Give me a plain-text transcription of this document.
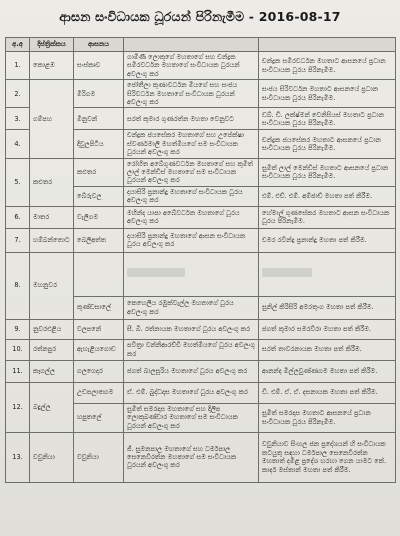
ආසන සංවිධායක ධූරයන් පිරිනැමීම - 2016-08-17
අ.අ	දිස්ත්‍රික්කය	ආසනය		
1.	කොළඹ	සංස්කෘව	ගාමිණී ලොකුගේ මහතාගේ සහ චන්ද්‍රක සමීරවර්ධන මහතාගේ සංවිධායක ධූරයන් අවලංගු කර	චන්ද්‍රක සමීරවර්ධන මහතාට ආසනයේ ප්‍රධාන සංවිධායක ධූරය පිරිනැමීම.
2.	ගම්පහ	මීරිගම	ජෝතීලා කුණාවර්ධන මියගේ සහ සංජය සිරිවර්ධන මහතාගේ සංවිධායක ධූරයන් අවලංගු කර	සංජය සිරිවර්ධන මහතාට ආසනයේ ප්‍රධාන සංවිධායක ධූරය පිරිනැමීම.
3.		මිනුවන්	සරත් කුමාර ගුණරත්න මහතා වෙනුවට	ඩබ්. ඩී. ලක්ෂ්මන් වෙනිසියස් මහතාට ප්‍රධාන සංවිධායක ධූරය පිරිනැමීම.
4.		දිවුලපිටිය	චන්ද්‍රක ජයසේකර මහතාගේ සහ උපේක්ෂා ස්වර්ණමාලි මහත්මියගේ සම සංවිධායක ධූරයන් අවලංගු කර	චන්ද්‍රක ජයසේකර මහතාට ආසනයේ ප්‍රධාන සංවිධායක ධූරය පිරිනැමීම.
5.	කළුතර	කළුතර	රෝහිත අබේගුණවර්ධන මහතාගේ සහ කුමිත් ලාල් මෙන්ඩිස් මහතාගේ සම සංවිධායක ධූරයන් අවලංගු කර	සුමිත් ලාල් මෙන්ඩිස් මහතාට ආසනයේ ප්‍රධාන සංවිධායක ධූරය පිරිනැමීම.
		බේරුවල	දයාසිරි ප්‍රනාන්දු මහතාගේ සංවිධායක ධූරය අවලංගු කර	එම්. එච්. එම්. අම්ජාඩ් මහතා පත් කිරීම.
6.	මාතර	වැලිගම	මහින්ද යාපා අබේවර්ධන මහතාගේ ධූරය අවලංගු කර	හේමාල් ගුණසේකර මහතාට ආසන සංවිධායක ධූරය පිරිනැමීම.
7.	හම්බන්තොට	බෙලිඅත්ත	දයාසිරි ප්‍රනාන්දු මහතාගේ ආසන සංවිධායක ධූරය අවලංගු කර	චමර රවීන්ද්‍ර ප්‍රනාන්දු මහතා පත් කිරීම.
8.	මහනුවර			
		කුණ්ඩසාලේ	කෙහෙලිය රඹුක්වැල්ල මහතාගේ ධූරය අවලංගු කර	සුනිල් කිරිසිරි අමරතුංග මහතා පත් කිරීම.
9.	නුවරඑළිය	වලපනේ	සී. බී. රත්නායක මහතාගේ ධූරය අවලංගු කර	ජගත් කුමාර සමරවීරා මහතා පත් කිරීම.
10.	රත්නපුර	ඇහැළියගොඩ	පවිත්‍රා වන්නිආරච්චි මහත්මියගේ ධූරය අවලංගු කර	සරත් තාවරනායක මහතා පත් කිරීම.
11.	කෑගල්ල	ගලගෙදර	ජගත් බාලසූරිය මහතාගේ ධූරය අවලංගු කර	ආනන්ද මිල්ලවුණ්ණගම මහතා පත් කිරීම.
12.	බදුල්ල	උඩපලාතගම	ඒ. එම්. බුද්ධදාස මහතාගේ ධූරය අවලංගු කර	ඩී. එම්. ඒ. ඒ. දසනායක මහතා පත් කිරීම.
		හපුතලේ	සුමිත් සමරදාස මහතාගේ සහ දිලිප ලොකුබණ්ඩාර මහතාගේ සම සංවිධායක ධූරයන් අවලංගු කර	සුමිත් සමරදාස මහතාට ආසනයේ ප්‍රධාන සංවිධායක ධූරය පිරිනැමීම.
13.	වවුනියා	වවුනියා	ජී. සුමනපාල මහතාගේ සහ ධර්මපාල සෙනෙවිරත්න මහතාගේ සම සංවිධායක ධූරයන් අවලංගු කර	වවුනියාව සිංහල ජන ප්‍රදේශයන් හි සංවිධායක කටයුතු සඳහා ධර්මපාල සෙනෙවිරත්න මහතාත් දමිළ ප්‍රදේශ හරහා ගෙන යාමට කේ. කාදර් මස්තාන් මහතා පත් කිරීම.
